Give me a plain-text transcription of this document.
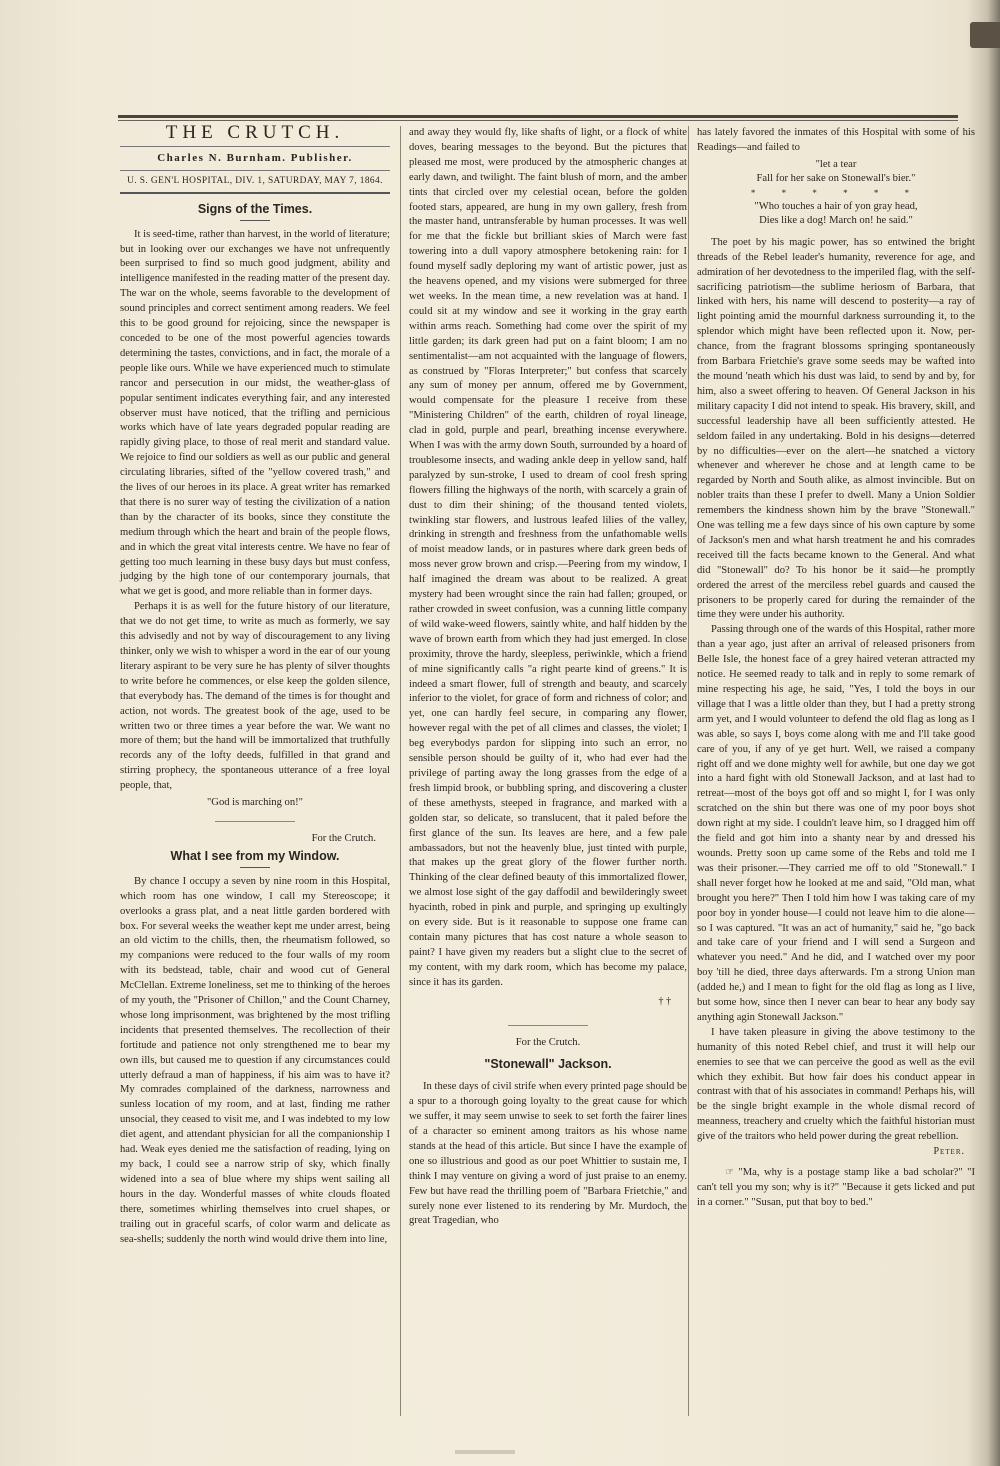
THE CRUTCH.
Charles N. Burnham. Publisher.
U. S. GEN'L HOSPITAL, DIV. 1, SATURDAY, MAY 7, 1864.
Signs of the Times.

It is seed-time, rather than harvest, in the world of literature; but in looking over our exchanges we have not unfrequently been surprised to find so much good judgment, ability and intelligence manifested in the reading matter of the present day. The war on the whole, seems favorable to the development of sound principles and correct sentiment among readers. We feel this to be good ground for rejoicing, since the newspaper is conceded to be one of the most powerful agencies towards determining the tastes, convictions, and in fact, the morale of a people like ours. While we have experienced much to stimulate rancor and persecution in our midst, the weather-glass of popular sentiment indicates everything fair, and any interested observer must have noticed, that the trifling and pernicious works which have of late years degraded popular reading are rapidly giving place, to those of real merit and standard value. We rejoice to find our soldiers as well as our public and general circulating libraries, sifted of the "yellow covered trash," and the lives of our heroes in its place. A great writer has remarked that there is no surer way of testing the civilization of a nation than by the character of its books, since they constitute the medium through which the heart and brain of the people flows, and in which the great vital interests centre. We have no fear of getting too much learning in these busy days but must confess, judging by the high tone of our contemporary journals, that what we get is good, and more reliable than in former days.

Perhaps it is as well for the future history of our literature, that we do not get time, to write as much as formerly, we say this advisedly and not by way of discouragement to any living thinker, only we wish to whisper a word in the ear of our young literary aspirant to be very sure he has plenty of silver thoughts to write before he commences, or else keep the golden silence, that everybody has. The demand of the times is for thought and action, not words. The greatest book of the age, used to be written two or three times a year before the war. We want no more of them; but the hand will be immortalized that truthfully records any of the lofty deeds, fulfilled in that grand and stirring prophecy, the spontaneous utterance of a free loyal people, that,

"God is marching on!"
For the Crutch.
What I see from my Window.

By chance I occupy a seven by nine room in this Hospital, which room has one window, I call my Stereoscope; it overlooks a grass plat, and a neat little garden bordered with box. For several weeks the weather kept me under arrest, being an old victim to the chills, then, the rheumatism followed, so my companions were reduced to the four walls of my room with its bedstead, table, chair and wood cut of General McClellan. Extreme loneliness, set me to thinking of the heroes of my youth, the "Prisoner of Chillon," and the Count Charney, whose long imprisonment, was brightened by the most trifling incidents that presented themselves. The recollection of their fortitude and patience not only strengthened me to bear my own ills, but caused me to question if any circumstances could utterly defraud a man of happiness, if his aim was to have it? My comrades complained of the darkness, narrowness and sunless location of my room, and at last, finding me rather unsocial, they ceased to visit me, and I was indebted to my low diet agent, and attendant physician for all the companionship I had. Weak eyes denied me the satisfaction of reading, lying on my back, I could see a narrow strip of sky, which finally widened into a sea of blue where my ships went sailing all hours in the day. Wonderful masses of white clouds floated there, sometimes whirling themselves into cruel shapes, or trailing out in graceful scarfs, of color warm and delicate as sea-shells; suddenly the north wind would drive them into line,

and away they would fly, like shafts of light, or a flock of white doves, bearing messages to the beyond. But the pictures that pleased me most, were produced by the atmospheric changes at early dawn, and twilight. The faint blush of morn, and the amber tints that circled over my celestial ocean, before the golden footed stars, appeared, are hung in my own gallery, fresh from the master hand, untransferable by human processes. It was well for me that the fickle but brilliant skies of March were fast towering into a dull vapory atmosphere betokening rain: for I found myself sadly deploring my want of artistic power, just as the heavens opened, and my visions were submerged for three wet weeks. In the mean time, a new revelation was at hand. I could sit at my window and see it working in the gray earth within arms reach. Something had come over the spirit of my little garden; its dark green had put on a faint bloom; I am no sentimentalist—am not acquainted with the language of flowers, as construed by "Floras Interpreter;" but confess that scarcely any sum of money per annum, offered me by Government, would compensate for the pleasure I receive from these "Ministering Children" of the earth, children of royal lineage, clad in gold, purple and pearl, breathing incense everywhere. When I was with the army down South, surrounded by a hoard of troublesome insects, and wading ankle deep in yellow sand, half paralyzed by sun-stroke, I used to dream of cool fresh spring flowers filling the highways of the north, with scarcely a grain of dust to dim their shining; of the thousand tented violets, twinkling star flowers, and lustrous leafed lilies of the valley, drinking in strength and freshness from the unfathomable wells of moist meadow lands, or in pastures where dark green beds of moss never grow brown and crisp.—Peering from my window, I half imagined the dream was about to be realized. A great mystery had been wrought since the rain had fallen; grouped, or rather crowded in sweet confusion, was a cunning little company of wild wake-weed flowers, saintly white, and half hidden by the wave of brown earth from which they had just emerged. In close proximity, throve the hardy, sleepless, periwinkle, which a friend of mine significantly calls "a right pearte kind of greens." It is indeed a smart flower, full of strength and beauty, and scarcely inferior to the violet, for grace of form and richness of color; and yet, one can hardly feel secure, in comparing any flower, however regal with the pet of all climes and classes, the violet; I beg everybodys pardon for slipping into such an error, no sensible person should be guilty of it, who had ever had the privilege of parting away the long grasses from the edge of a fresh limpid brook, or bubbling spring, and discovering a cluster of these amethysts, steeped in fragrance, and marked with a golden star, so delicate, so translucent, that it paled before the first glance of the sun. Its leaves are here, and a few pale ambassadors, but not the heavenly blue, just tinted with purple, that makes up the great glory of the flower further north. Thinking of the clear defined beauty of this immortalized flower, we almost lose sight of the gay daffodil and bewilderingly sweet hyacinth, robed in pink and purple, and springing up exultingly on every side. But is it reasonable to suppose one frame can contain many pictures that has cost nature a whole season to paint? I have given my readers but a slight clue to the secret of my content, with my dark room, which has become my palace, since it has its garden.

† †
For the Crutch.
"Stonewall" Jackson.

In these days of civil strife when every printed page should be a spur to a thorough going loyalty to the great cause for which we suffer, it may seem unwise to seek to set forth the fairer lines of a character so eminent among traitors as his whose name stands at the head of this article. But since I have the example of one so illustrious and good as our poet Whittier to sustain me, I think I may venture on giving a word of just praise to an enemy. Few but have read the thrilling poem of "Barbara Frietchie," and surely none ever listened to its rendering by Mr. Murdoch, the great Tragedian, who

has lately favored the inmates of this Hospital with some of his Readings—and failed to

"let a tear
Fall for her sake on Stonewall's bier."
* * * * * *
"Who touches a hair of yon gray head,
Dies like a dog! March on! he said."

The poet by his magic power, has so entwined the bright threads of the Rebel leader's humanity, reverence for age, and admiration of her devotedness to the imperiled flag, with the self-sacrificing patriotism—the sublime heriosm of Barbara, that linked with hers, his name will descend to posterity—a ray of light pointing amid the mournful darkness surrounding it, to the splendor which might have been reflected upon it. Now, per-chance, from the fragrant blossoms springing spontaneously from Barbara Frietchie's grave some seeds may be wafted into the mound 'neath which his dust was laid, to send by and by, for him, also a sweet offering to heaven. Of General Jackson in his military capacity I did not intend to speak. His bravery, skill, and successful leadership have all been sufficiently attested. He seldom failed in any undertaking. Bold in his designs—deterred by no difficulties—ever on the alert—he snatched a victory whenever and wherever he chose and at length came to be regarded by North and South alike, as almost invincible. But on nobler traits than these I prefer to dwell. Many a Union Soldier remembers the kindness shown him by the brave "Stonewall." One was telling me a few days since of his own capture by some of Jackson's men and what harsh treatment he and his comrades received till the facts became known to the General. And what did "Stonewall" do? To his honor be it said—he promptly ordered the arrest of the merciless rebel guards and caused the prisoners to be properly cared for during the remainder of the time they were under his authority.

Passing through one of the wards of this Hospital, rather more than a year ago, just after an arrival of released prisoners from Belle Isle, the honest face of a grey haired veteran attracted my notice. He seemed ready to talk and in reply to some remark of mine respecting his age, he said, "Yes, I told the boys in our village that I was a little older than they, but I had a pretty strong arm yet, and I would volunteer to defend the old flag as long as I was able, so says I, boys come along with me and I'll take good care of you, if any of ye get hurt. Well, we raised a company right off and we done mighty well for awhile, but one day we got into a hard fight with old Stonewall Jackson, and at last had to retreat—most of the boys got off and so might I, for I was only scratched on the shin but there was one of my poor boys shot down right at my side. I couldn't leave him, so I dragged him off the field and got him into a shanty near by and dressed his wounds. Pretty soon up came some of the Rebs and told me I was their prisoner.—They carried me off to old "Stonewall." I shall never forget how he looked at me and said, "Old man, what brought you here?" Then I told him how I was taking care of my poor boy in yonder house—I could not leave him to die alone—so I was captured. "It was an act of humanity," said he, "go back and take care of your friend and I will send a Surgeon and whatever you need." And he did, and I watched over my poor boy 'till he died, three days afterwards. I'm a strong Union man (added he,) and I mean to fight for the old flag as long as I live, but some how, since then I never can bear to hear any body say anything agin Stonewall Jackson."

I have taken pleasure in giving the above testimony to the humanity of this noted Rebel chief, and trust it will help our enemies to see that we can perceive the good as well as the evil which they exhibit. But how fair does his conduct appear in contrast with that of his associates in command! Perhaps his, will be the single bright example in the whole dismal record of meanness, treachery and cruelty which the faithful historian must give of the traitors who held power during the great rebellion.

Peter.

☞ "Ma, why is a postage stamp like a bad scholar?" "I can't tell you my son; why is it?" "Because it gets licked and put in a corner." "Susan, put that boy to bed."
